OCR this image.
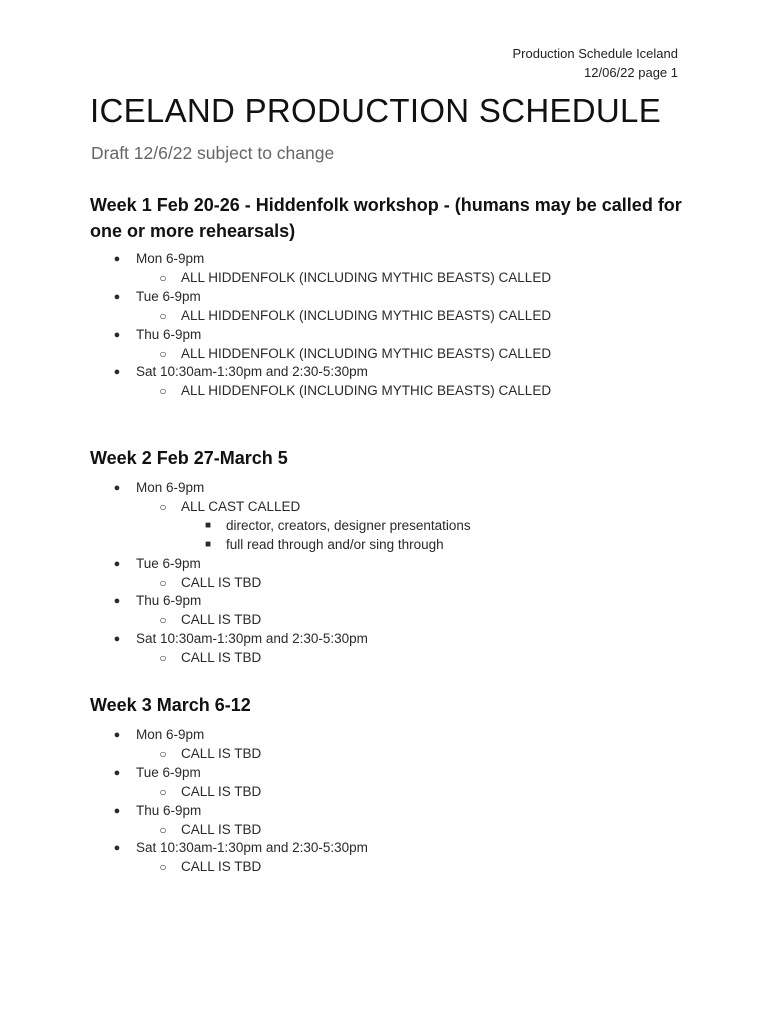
Production Schedule Iceland
12/06/22 page 1
ICELAND PRODUCTION SCHEDULE

Draft 12/6/22 subject to change

Week 1 Feb 20-26 - Hiddenfolk workshop - (humans may be called for one or more rehearsals)
● Mon 6-9pm
○ ALL HIDDENFOLK (INCLUDING MYTHIC BEASTS) CALLED
● Tue 6-9pm
○ ALL HIDDENFOLK (INCLUDING MYTHIC BEASTS) CALLED
● Thu 6-9pm
○ ALL HIDDENFOLK (INCLUDING MYTHIC BEASTS) CALLED
● Sat 10:30am-1:30pm and 2:30-5:30pm
○ ALL HIDDENFOLK (INCLUDING MYTHIC BEASTS) CALLED
Week 2 Feb 27-March 5
● Mon 6-9pm
○ ALL CAST CALLED
■ director, creators, designer presentations
■ full read through and/or sing through
● Tue 6-9pm
○ CALL IS TBD
● Thu 6-9pm
○ CALL IS TBD
● Sat 10:30am-1:30pm and 2:30-5:30pm
○ CALL IS TBD
Week 3 March 6-12
● Mon 6-9pm
○ CALL IS TBD
● Tue 6-9pm
○ CALL IS TBD
● Thu 6-9pm
○ CALL IS TBD
● Sat 10:30am-1:30pm and 2:30-5:30pm
○ CALL IS TBD
